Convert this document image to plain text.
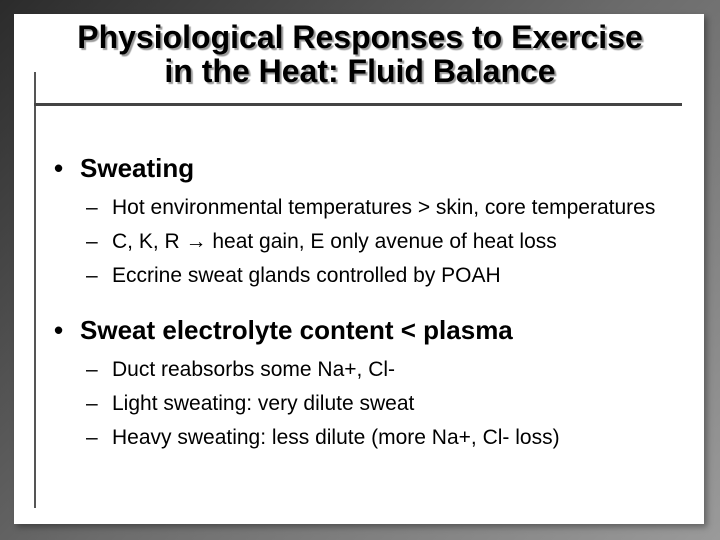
Physiological Responses to Exercise
in the Heat: Fluid Balance
• Sweating
– Hot environmental temperatures > skin, core temperatures
– C, K, R → heat gain, E only avenue of heat loss
– Eccrine sweat glands controlled by POAH
• Sweat electrolyte content < plasma
– Duct reabsorbs some Na+, Cl-
– Light sweating: very dilute sweat
– Heavy sweating: less dilute (more Na+, Cl- loss)
